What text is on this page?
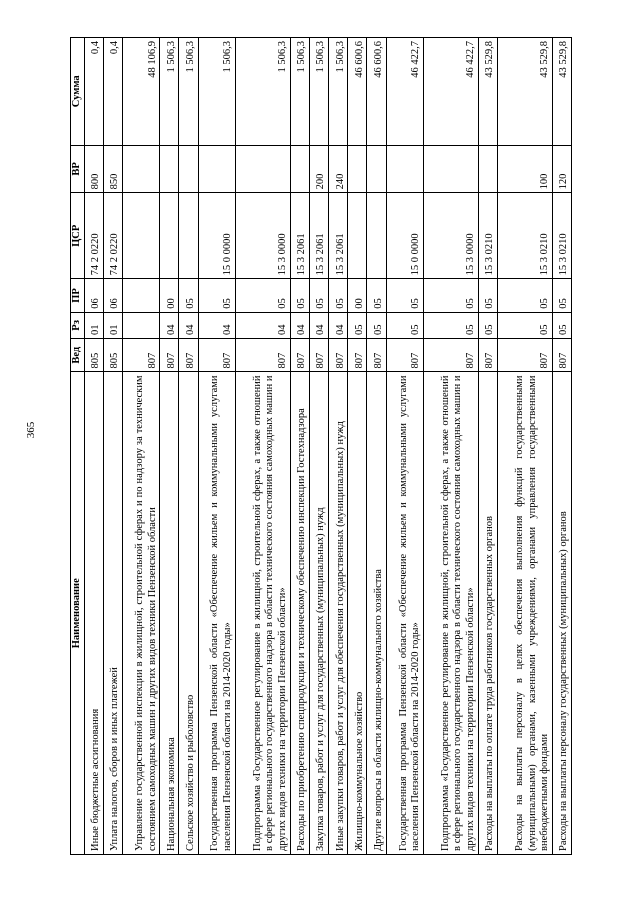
365
Наименование	Вед	Рз	ПР	ЦСР	ВР	Сумма
Иные бюджетные ассигнования	805	01	06	74 2 0220	800	0,4
Уплата налогов, сборов и иных платежей	805	01	06	74 2 0220	850	0,4
Управление государственной инспекции в жилищной, строительной сферах и по надзору за техническим состоянием самоходных машин и других видов техники Пензенской области	807					48 106,9
Национальная экономика	807	04	00			1 506,3
Сельское хозяйство и рыболовство	807	04	05			1 506,3
Государственная программа Пензенской области «Обеспечение жильем и коммунальными услугами населения Пензенской области на 2014-2020 годы»	807	04	05	15 0 0000		1 506,3
Подпрограмма «Государственное регулирование в жилищной, строительной сферах, а также отношений в сфере регионального государственного надзора в области технического состояния самоходных машин и других видов техники на территории Пензенской области»	807	04	05	15 3 0000		1 506,3
Расходы по приобретению спецпродукции и техническому обеспечению инспекции Гостехнадзора	807	04	05	15 3 2061		1 506,3
Закупка товаров, работ и услуг для государственных (муниципальных) нужд	807	04	05	15 3 2061	200	1 506,3
Иные закупки товаров, работ и услуг для обеспечения государственных (муниципальных) нужд	807	04	05	15 3 2061	240	1 506,3
Жилищно-коммунальное хозяйство	807	05	00			46 600,6
Другие вопросы в области жилищно-коммунального хозяйства	807	05	05			46 600,6
Государственная программа Пензенской области «Обеспечение жильем и коммунальными услугами населения Пензенской области на 2014-2020 годы»	807	05	05	15 0 0000		46 422,7
Подпрограмма «Государственное регулирование в жилищной, строительной сферах, а также отношений в сфере регионального государственного надзора в области технического состояния самоходных машин и других видов техники на территории Пензенской области»	807	05	05	15 3 0000		46 422,7
Расходы на выплаты по оплате труда работников государственных органов	807	05	05	15 3 0210		43 529,8
Расходы на выплаты персоналу в целях обеспечения выполнения функций государственными (муниципальными) органами, казенными учреждениями, органами управления государственными внебюджетными фондами	807	05	05	15 3 0210	100	43 529,8
Расходы на выплаты персоналу государственных (муниципальных) органов	807	05	05	15 3 0210	120	43 529,8
